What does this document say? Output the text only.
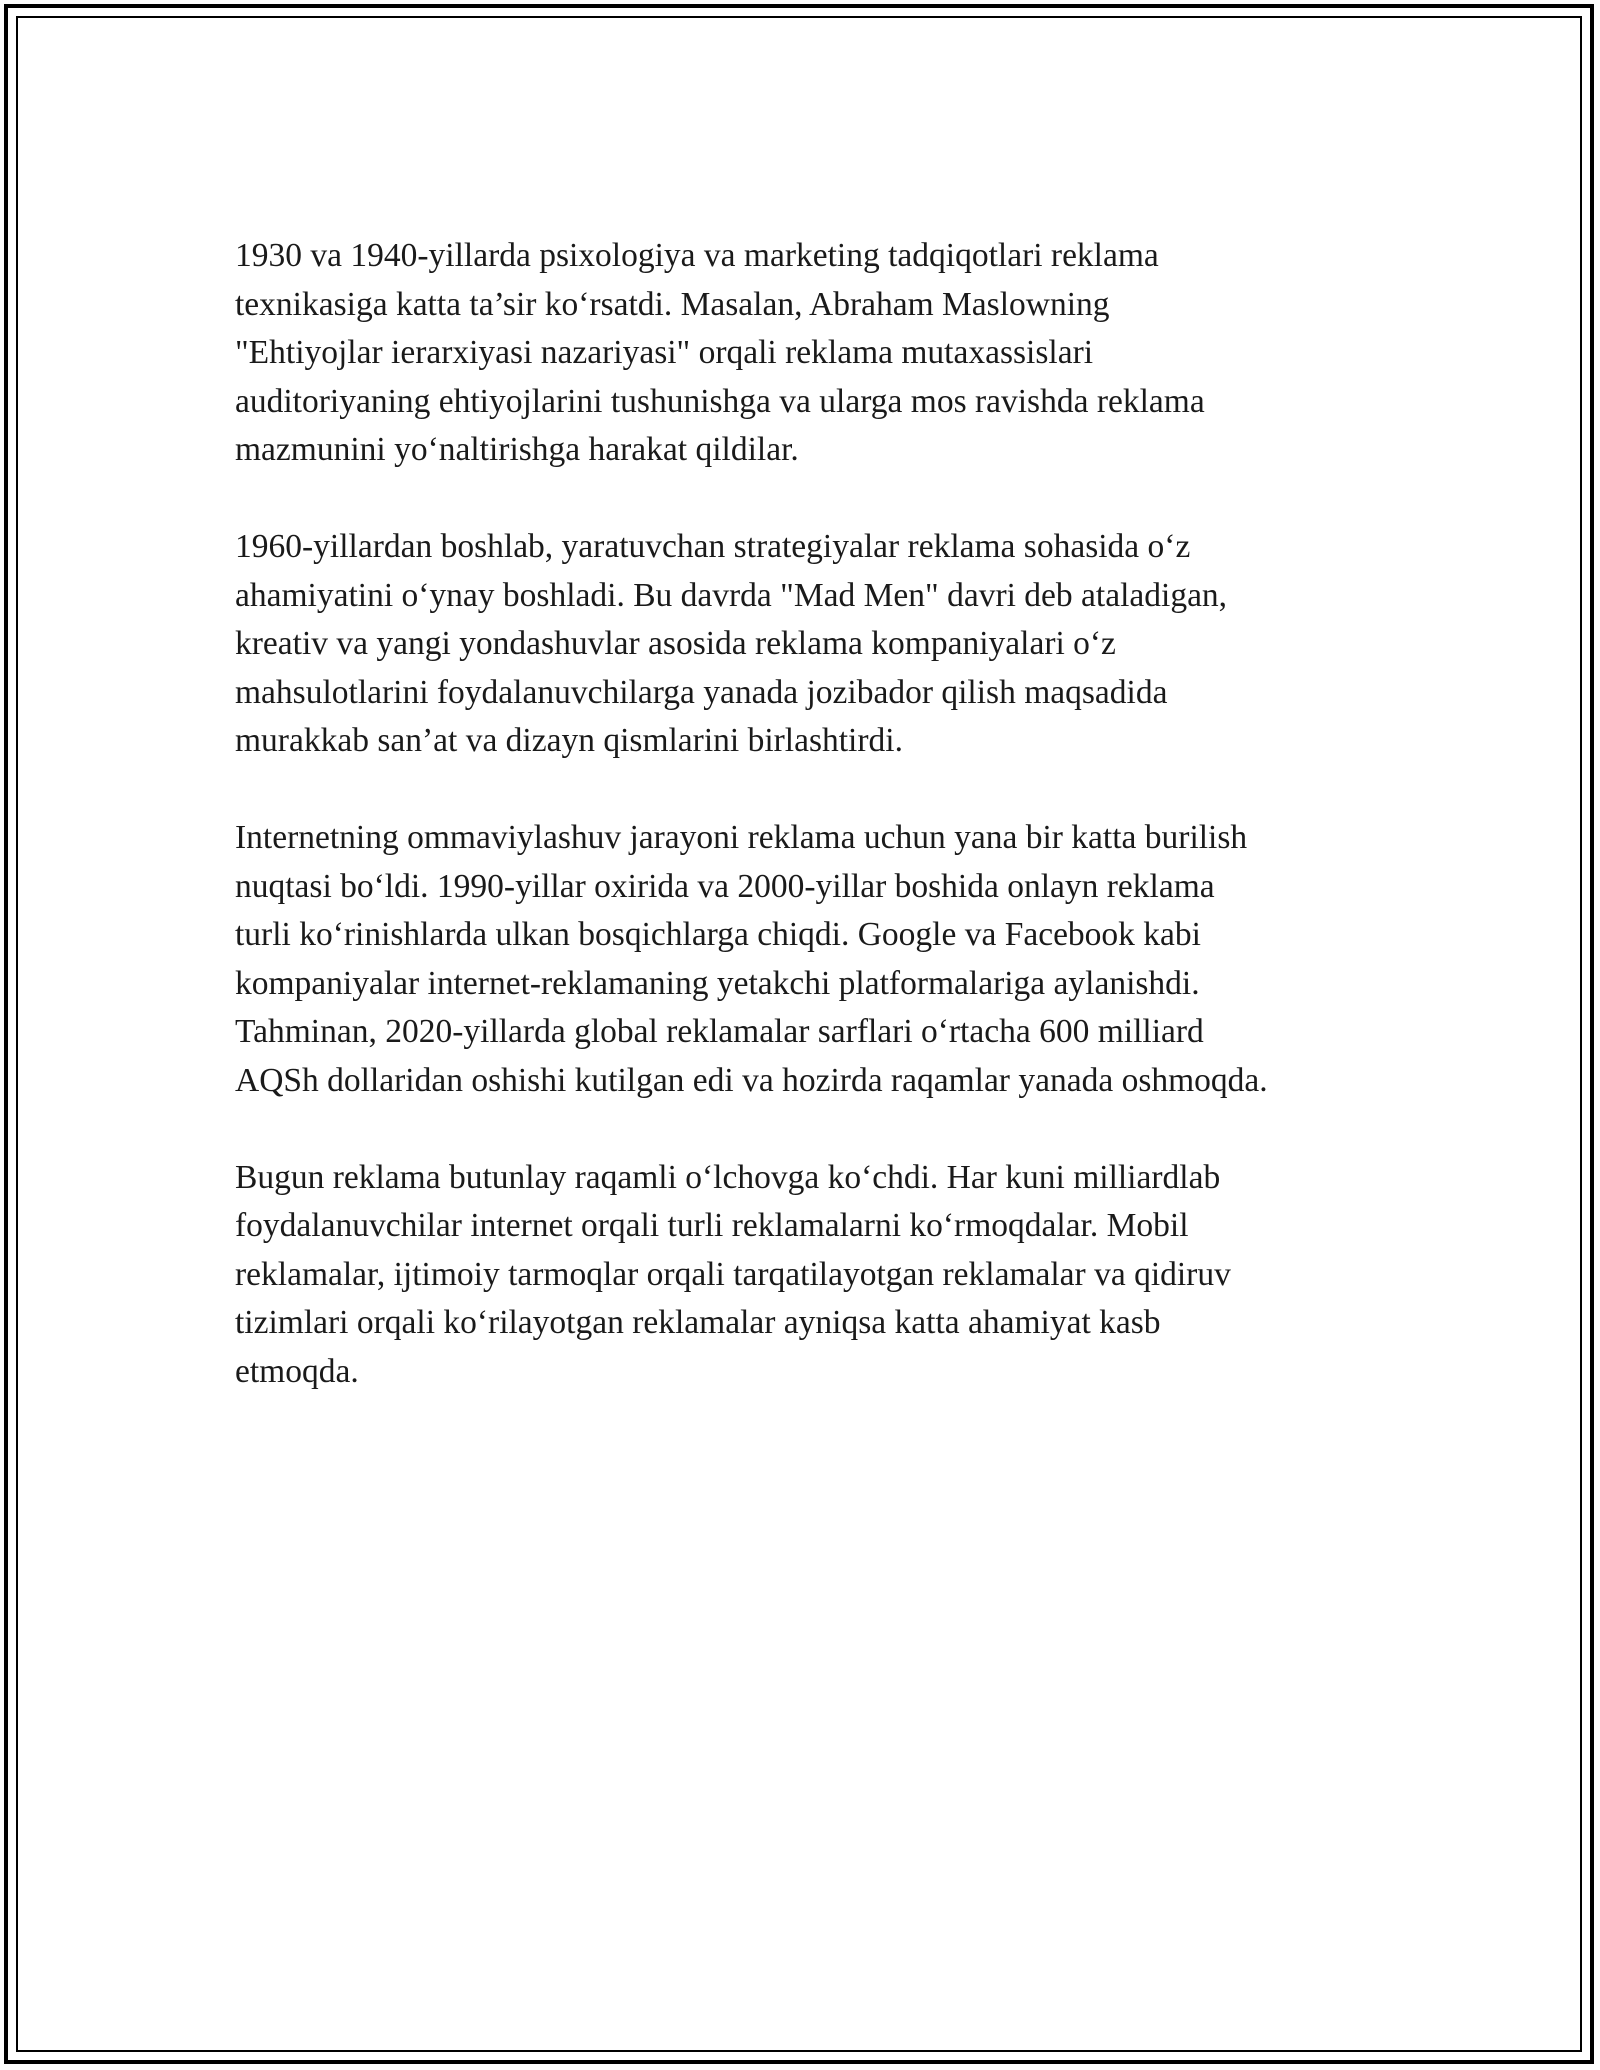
1930 va 1940-yillarda psixologiya va marketing tadqiqotlari reklama
texnikasiga katta ta’sir ko‘rsatdi. Masalan, Abraham Maslowning
"Ehtiyojlar ierarxiyasi nazariyasi" orqali reklama mutaxassislari
auditoriyaning ehtiyojlarini tushunishga va ularga mos ravishda reklama
mazmunini yo‘naltirishga harakat qildilar.

1960-yillardan boshlab, yaratuvchan strategiyalar reklama sohasida o‘z
ahamiyatini o‘ynay boshladi. Bu davrda "Mad Men" davri deb ataladigan,
kreativ va yangi yondashuvlar asosida reklama kompaniyalari o‘z
mahsulotlarini foydalanuvchilarga yanada jozibador qilish maqsadida
murakkab san’at va dizayn qismlarini birlashtirdi.

Internetning ommaviylashuv jarayoni reklama uchun yana bir katta burilish
nuqtasi bo‘ldi. 1990-yillar oxirida va 2000-yillar boshida onlayn reklama
turli ko‘rinishlarda ulkan bosqichlarga chiqdi. Google va Facebook kabi
kompaniyalar internet-reklamaning yetakchi platformalariga aylanishdi.
Tahminan, 2020-yillarda global reklamalar sarflari o‘rtacha 600 milliard
AQSh dollaridan oshishi kutilgan edi va hozirda raqamlar yanada oshmoqda.

Bugun reklama butunlay raqamli o‘lchovga ko‘chdi. Har kuni milliardlab
foydalanuvchilar internet orqali turli reklamalarni ko‘rmoqdalar. Mobil
reklamalar, ijtimoiy tarmoqlar orqali tarqatilayotgan reklamalar va qidiruv
tizimlari orqali ko‘rilayotgan reklamalar ayniqsa katta ahamiyat kasb
etmoqda.
